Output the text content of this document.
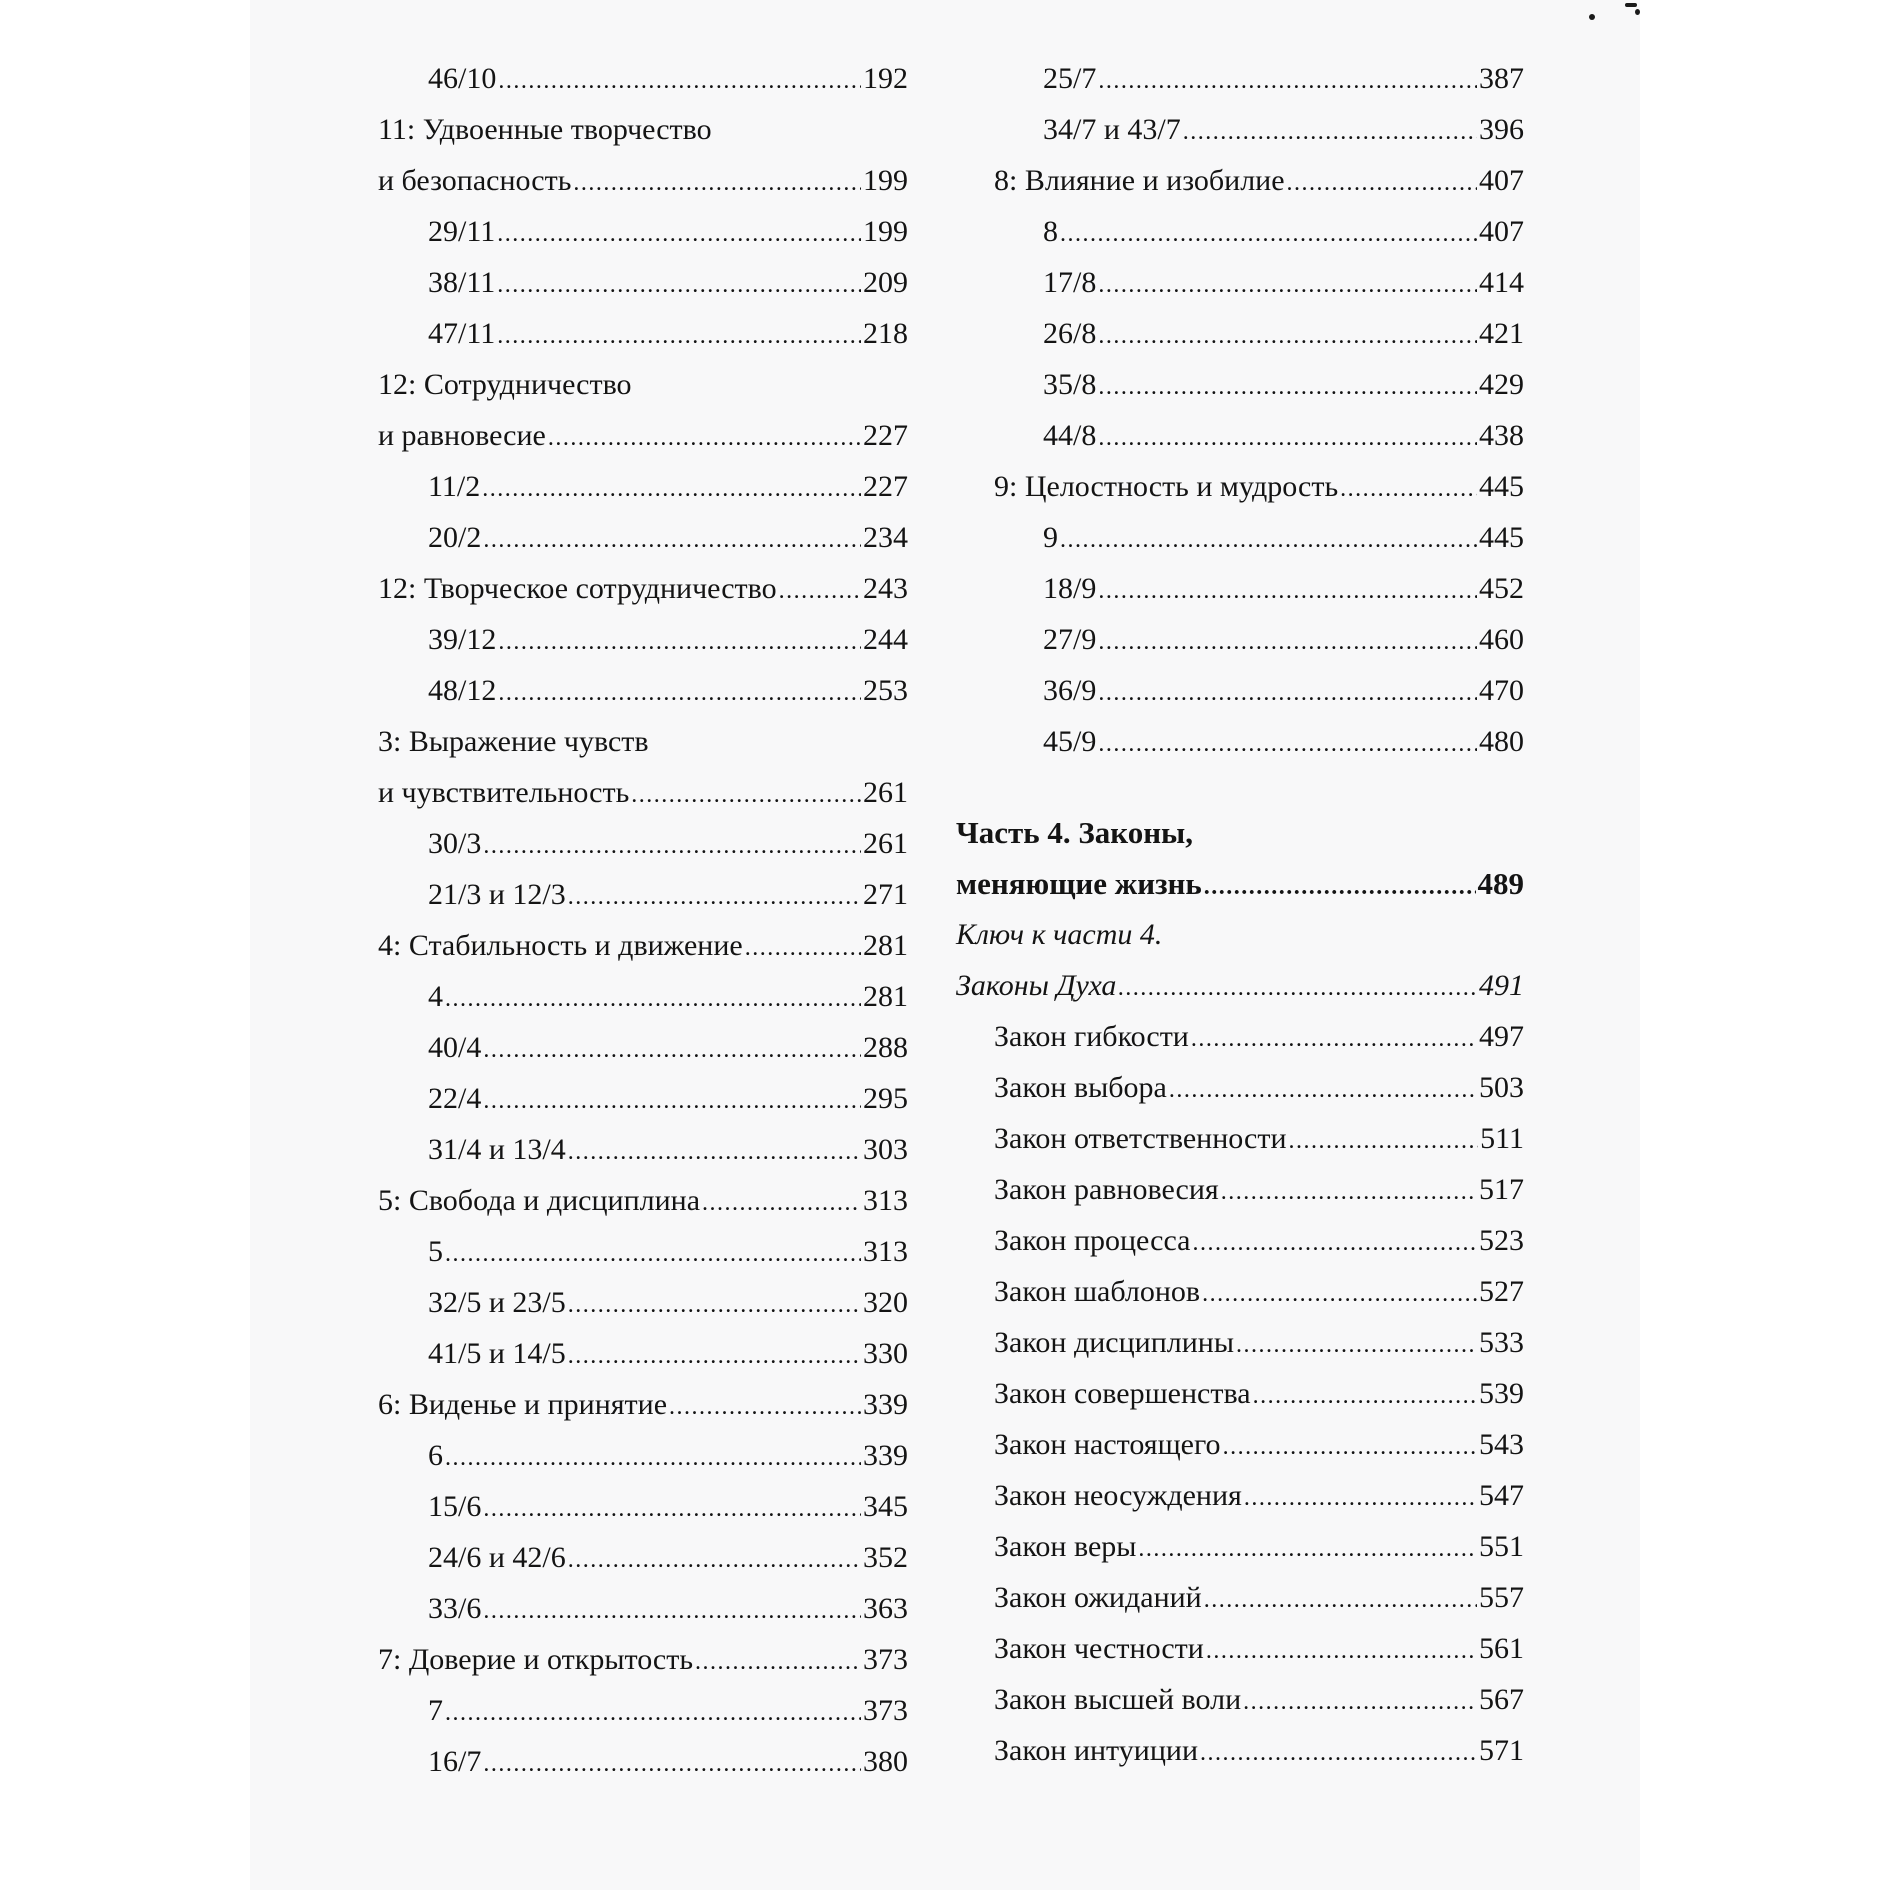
46/10 .....	192
11: Удвоенные творчество
и безопасность .....	199
29/11 .....	199
38/11 .....	209
47/11 .....	218
12: Сотрудничество
и равновесие .....	227
11/2 .....	227
20/2 .....	234
12: Творческое сотрудничество .....	243
39/12 .....	244
48/12 .....	253
3: Выражение чувств
и чувствительность .....	261
30/3 .....	261
21/3 и 12/3 .....	271
4: Стабильность и движение .....	281
4 .....	281
40/4 .....	288
22/4 .....	295
31/4 и 13/4 .....	303
5: Свобода и дисциплина .....	313
5 .....	313
32/5 и 23/5 .....	320
41/5 и 14/5 .....	330
6: Виденье и принятие .....	339
6 .....	339
15/6 .....	345
24/6 и 42/6 .....	352
33/6 .....	363
7: Доверие и открытость .....	373
7 .....	373
16/7 .....	380
25/7 .....	387
34/7 и 43/7 .....	396
8: Влияние и изобилие .....	407
8 .....	407
17/8 .....	414
26/8 .....	421
35/8 .....	429
44/8 .....	438
9: Целостность и мудрость .....	445
9 .....	445
18/9 .....	452
27/9 .....	460
36/9 .....	470
45/9 .....	480
Часть 4. Законы,
меняющие жизнь .....	489
Ключ к части 4.
Законы Духа .....	491
Закон гибкости .....	497
Закон выбора .....	503
Закон ответственности .....	511
Закон равновесия .....	517
Закон процесса .....	523
Закон шаблонов .....	527
Закон дисциплины .....	533
Закон совершенства .....	539
Закон настоящего .....	543
Закон неосуждения .....	547
Закон веры .....	551
Закон ожиданий .....	557
Закон честности .....	561
Закон высшей воли .....	567
Закон интуиции .....	571
